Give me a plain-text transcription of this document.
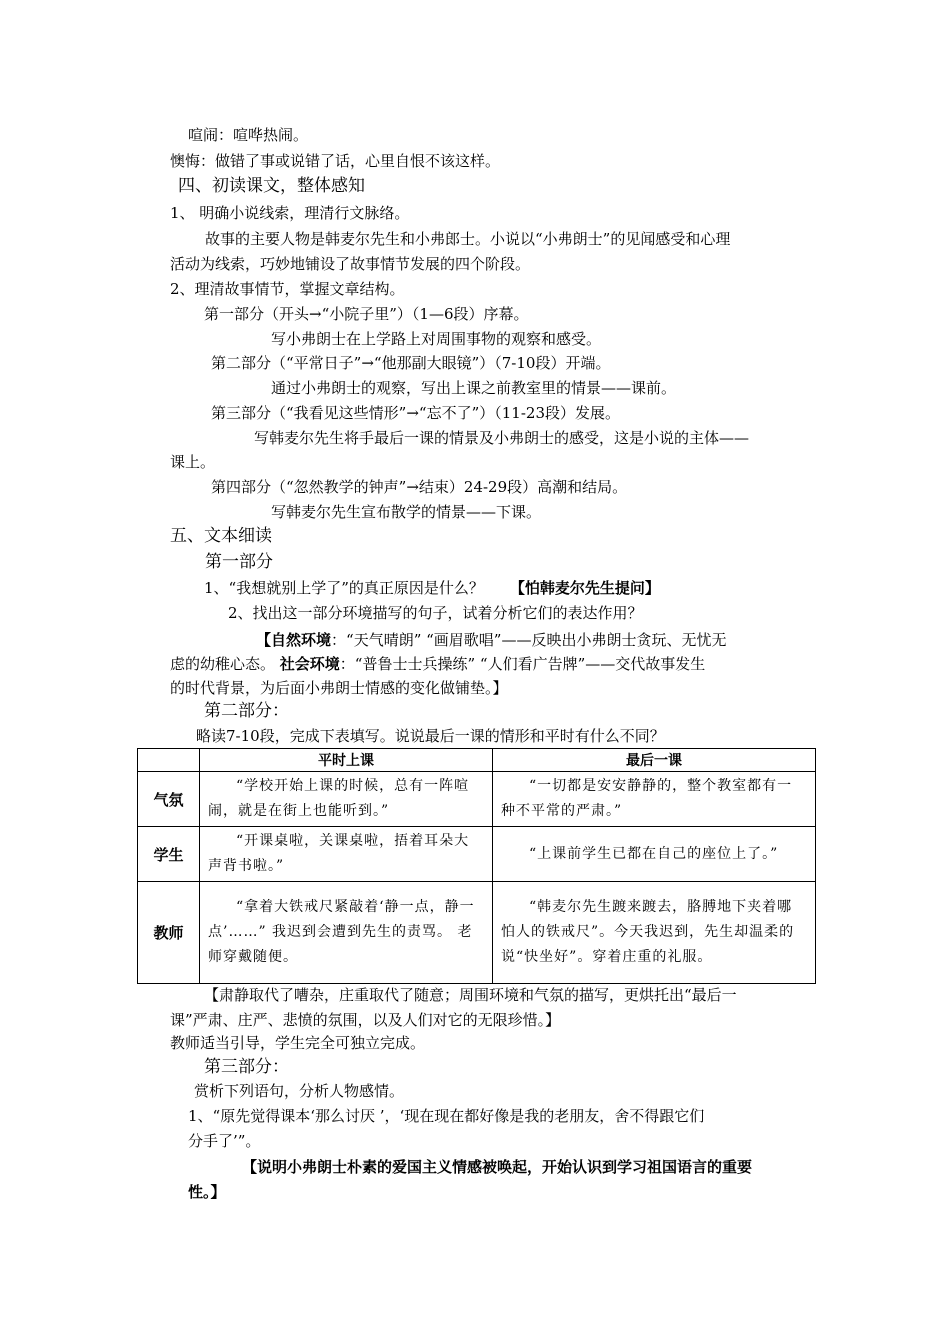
喧闹：喧哗热闹。
懊悔：做错了事或说错了话，心里自恨不该这样。
四、初读课文，整体感知
1、 明确小说线索，理清行文脉络。
故事的主要人物是韩麦尔先生和小弗郎士。小说以“小弗朗士”的见闻感受和心理
活动为线索，巧妙地铺设了故事情节发展的四个阶段。
2、理清故事情节，掌握文章结构。
第一部分（开头→“小院子里”）（1—6段）序幕。
写小弗朗士在上学路上对周围事物的观察和感受。
第二部分（“平常日子”→“他那副大眼镜”）（7-10段）开端。
通过小弗朗士的观察，写出上课之前教室里的情景——课前。
第三部分（“我看见这些情形”→“忘不了”）（11-23段）发展。
写韩麦尔先生将手最后一课的情景及小弗朗士的感受，这是小说的主体——
课上。
第四部分（“忽然教学的钟声”→结束）24-29段）高潮和结局。
写韩麦尔先生宣布散学的情景——下课。
五、文本细读
第一部分
1、“我想就别上学了”的真正原因是什么？ 【怕韩麦尔先生提问】
2、找出这一部分环境描写的句子，试着分析它们的表达作用？
【自然环境：“天气晴朗” “画眉歌唱”——反映出小弗朗士贪玩、无忧无
虑的幼稚心态。 社会环境：“普鲁士士兵操练” “人们看广告牌”——交代故事发生
的时代背景，为后面小弗朗士情感的变化做铺垫。】
第二部分：
略读7-10段，完成下表填写。说说最后一课的情形和平时有什么不同？
	平时上课	最后一课
气氛	“学校开始上课的时候，总有一阵喧闹，就是在街上也能听到。”	“一切都是安安静静的，整个教室都有一种不平常的严肃。”
学生	“开课桌啦，关课桌啦，捂着耳朵大声背书啦。”	“上课前学生已都在自己的座位上了。”
教师	“拿着大铁戒尺紧敲着‘静一点，静一点’……” 我迟到会遭到先生的责骂。 老师穿戴随便。	“韩麦尔先生踱来踱去，胳膊地下夹着哪怕人的铁戒尺”。今天我迟到，先生却温柔的说“快坐好”。穿着庄重的礼服。
【肃静取代了嘈杂，庄重取代了随意；周围环境和气氛的描写，更烘托出“最后一
课”严肃、庄严、悲愤的氛围，以及人们对它的无限珍惜。】
教师适当引导，学生完全可独立完成。
第三部分：
赏析下列语句，分析人物感情。
1、“原先觉得课本‘那么讨厌 ’，‘现在现在都好像是我的老朋友，舍不得跟它们
分手了’”。
【说明小弗朗士朴素的爱国主义情感被唤起，开始认识到学习祖国语言的重要
性。】
